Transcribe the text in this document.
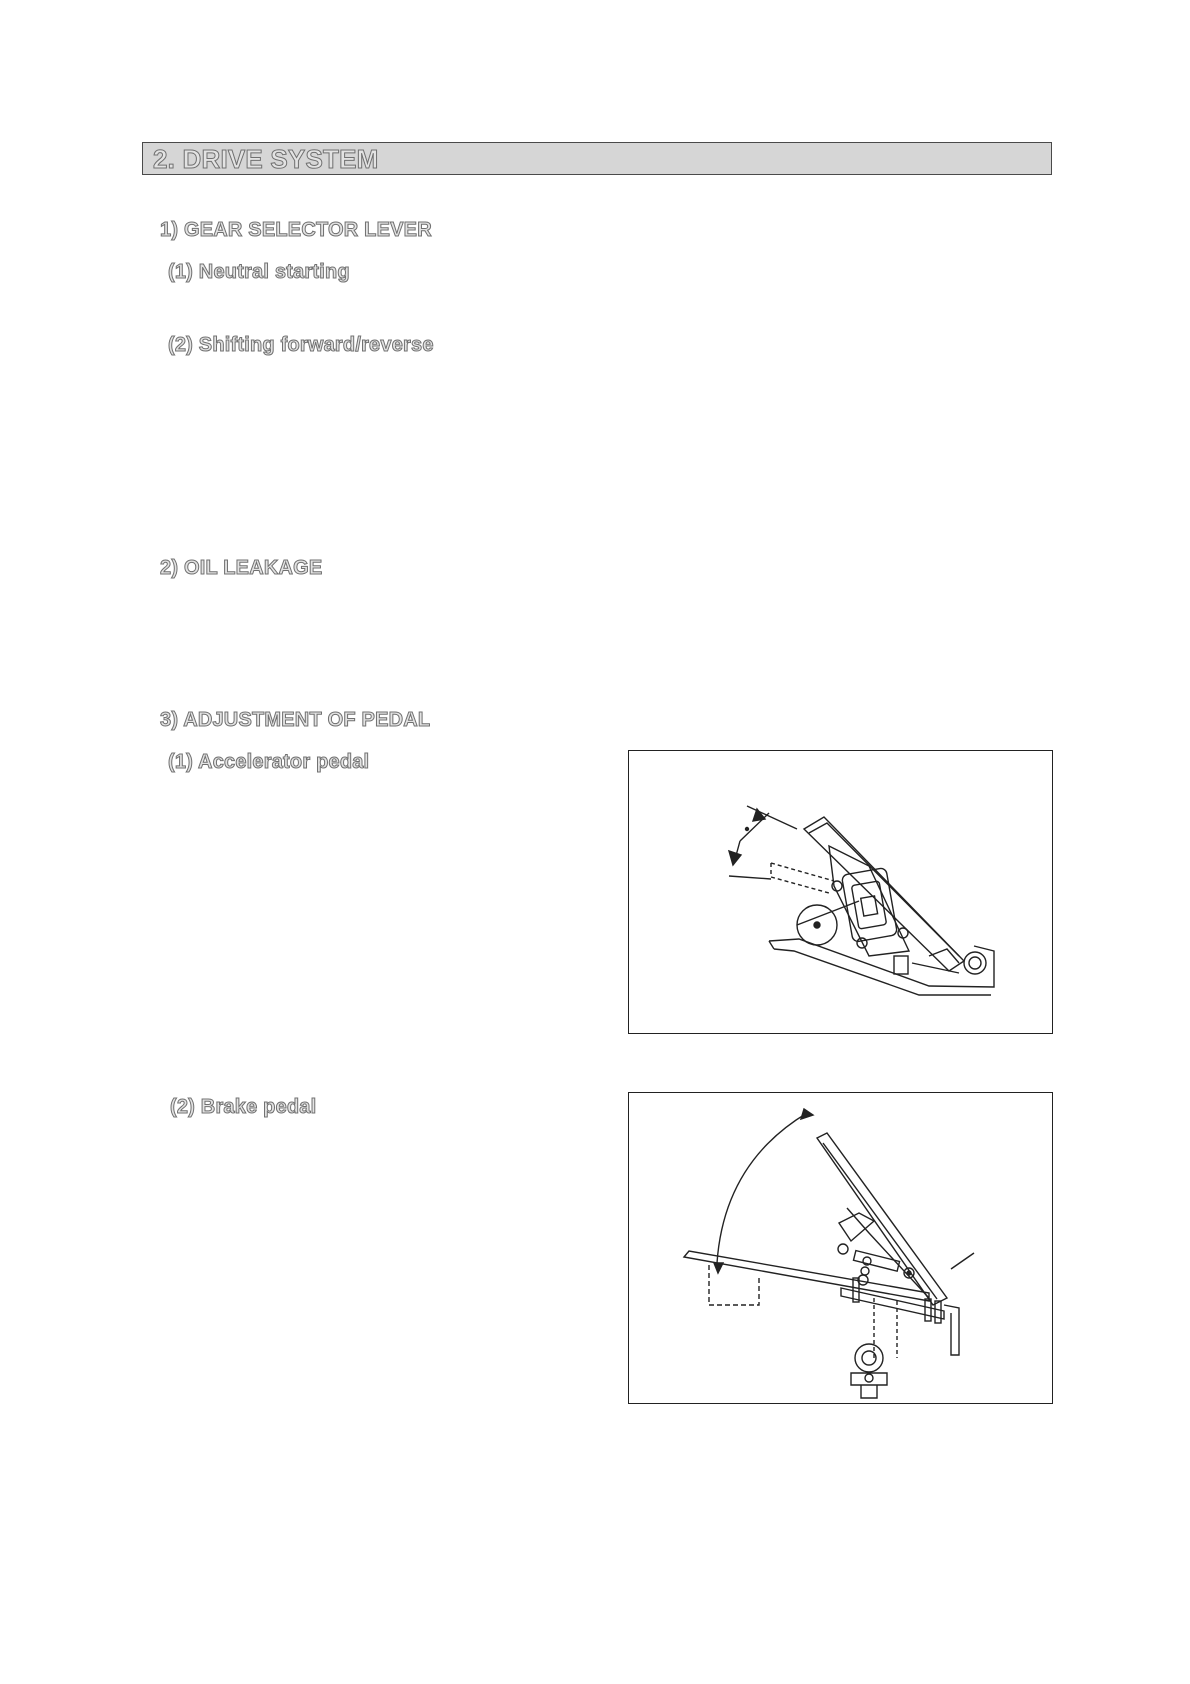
2. DRIVE SYSTEM
1) GEAR SELECTOR LEVER
(1) Neutral starting
(2) Shifting forward/reverse
2) OIL LEAKAGE
3) ADJUSTMENT OF PEDAL
(1) Accelerator pedal
(2) Brake pedal
